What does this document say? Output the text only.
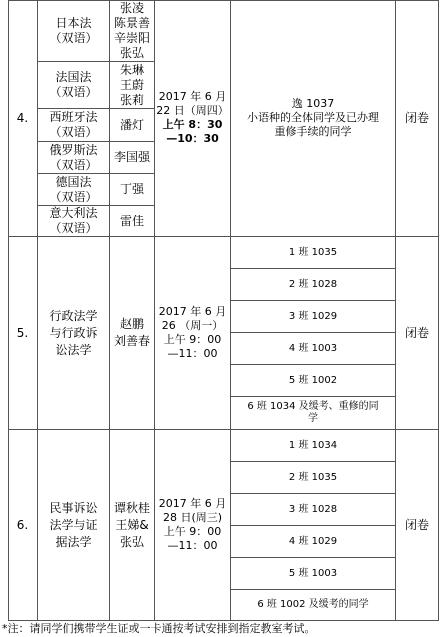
4.
日本法
（双语）
张凌
陈景善
辛崇阳
张弘
法国法
（双语）
朱琳
王蔚
张莉
西班牙法
（双语）
潘灯
俄罗斯法
（双语）
李国强
德国法
（双语）
丁强
意大利法
（双语）
雷佳
2017 年 6 月
22 日（周四）
上午 8：30
—10：30
逸 1037
小语种的全体同学及已办理
重修手续的同学
闭卷
5.
行政法学
与行政诉
讼法学
赵鹏
刘善春
2017 年 6 月
26 （周一）
上午 9：00
—11：00
1 班 1035
2 班 1028
3 班 1029
4 班 1003
5 班 1002
6 班 1034 及缓考、重修的同
学
闭卷
6.
民事诉讼
法学与证
据法学
谭秋桂
王娣&
张弘
2017 年 6 月
28 日(周三)
上午 9：00
—11：00
1 班 1034
2 班 1035
3 班 1028
4 班 1029
5 班 1003
6 班 1002 及缓考的同学
闭卷
*注：请同学们携带学生证或一卡通按考试安排到指定教室考试。
